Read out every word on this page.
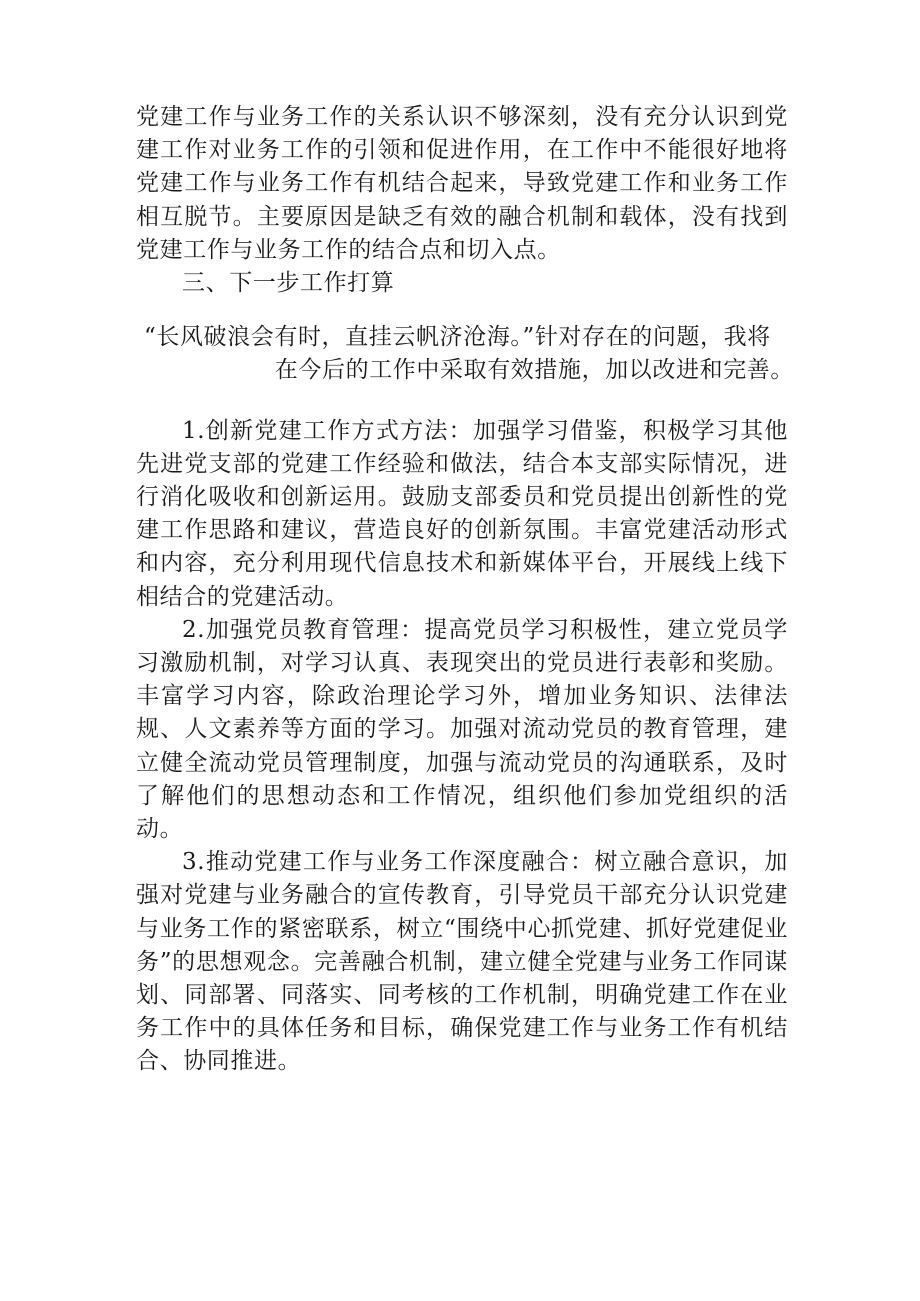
党建工作与业务工作的关系认识不够深刻，没有充分认识到党建工作对业务工作的引领和促进作用，在工作中不能很好地将党建工作与业务工作有机结合起来，导致党建工作和业务工作相互脱节。主要原因是缺乏有效的融合机制和载体，没有找到党建工作与业务工作的结合点和切入点。

三、下一步工作打算

“长风破浪会有时，直挂云帆济沧海。”针对存在的问题，我将
在今后的工作中采取有效措施，加以改进和完善。

1.创新党建工作方式方法：加强学习借鉴，积极学习其他先进党支部的党建工作经验和做法，结合本支部实际情况，进行消化吸收和创新运用。鼓励支部委员和党员提出创新性的党建工作思路和建议，营造良好的创新氛围。丰富党建活动形式和内容，充分利用现代信息技术和新媒体平台，开展线上线下相结合的党建活动。

2.加强党员教育管理：提高党员学习积极性，建立党员学习激励机制，对学习认真、表现突出的党员进行表彰和奖励。丰富学习内容，除政治理论学习外，增加业务知识、法律法规、人文素养等方面的学习。加强对流动党员的教育管理，建立健全流动党员管理制度，加强与流动党员的沟通联系，及时了解他们的思想动态和工作情况，组织他们参加党组织的活动。

3.推动党建工作与业务工作深度融合：树立融合意识，加强对党建与业务融合的宣传教育，引导党员干部充分认识党建与业务工作的紧密联系，树立“围绕中心抓党建、抓好党建促业务”的思想观念。完善融合机制，建立健全党建与业务工作同谋划、同部署、同落实、同考核的工作机制，明确党建工作在业务工作中的具体任务和目标，确保党建工作与业务工作有机结合、协同推进。
